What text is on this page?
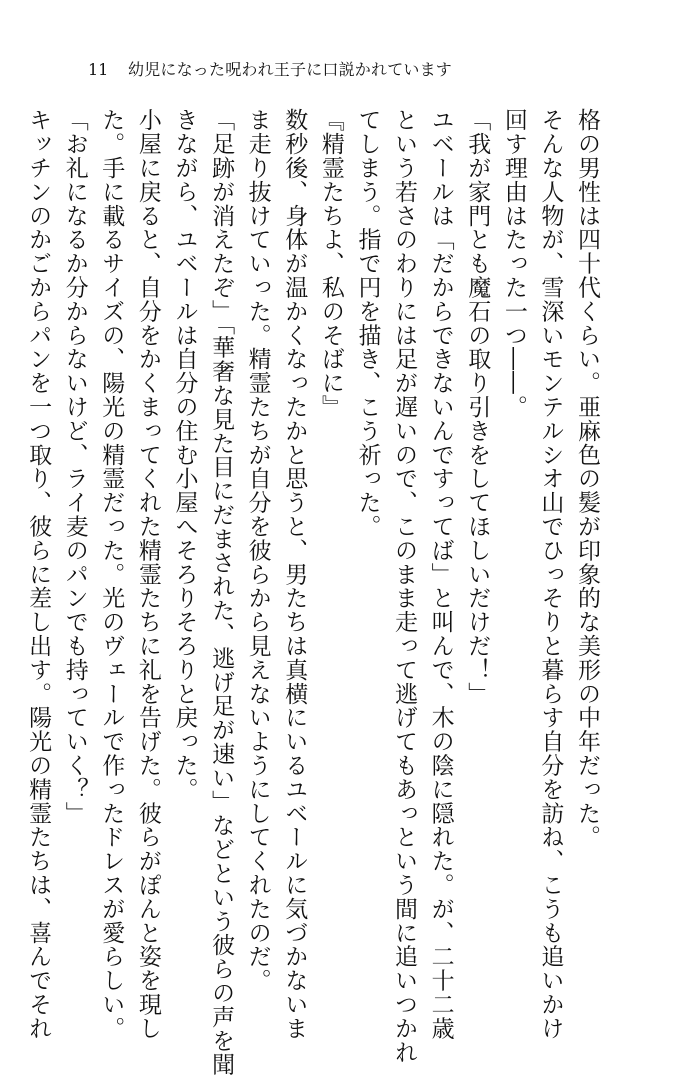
11 幼児になった呪われ王子に口説かれています
格の男性は四十代くらい。亜麻色の髪が印象的な美形の中年だった。
そんな人物が、雪深いモンテルシオ山でひっそりと暮らす自分を訪ね、こうも追いかけ
回す理由はたった一つ――。
「我が家門とも魔石の取り引きをしてほしいだけだ！」
ユベールは「だからできないんですってば」と叫んで、木の陰に隠れた。が、二十二歳
という若さのわりには足が遅いので、このまま走って逃げてもあっという間に追いつかれ
てしまう。指で円を描き、こう祈った。
『精霊たちよ、私のそばに』
数秒後、身体が温かくなったかと思うと、男たちは真横にいるユベールに気づかないま
ま走り抜けていった。精霊たちが自分を彼らから見えないようにしてくれたのだ。
「足跡が消えたぞ」「華奢な見た目にだまされた、逃げ足が速い」などという彼らの声を聞
きながら、ユベールは自分の住む小屋へそろりそろりと戻った。
小屋に戻ると、自分をかくまってくれた精霊たちに礼を告げた。彼らがぽんと姿を現し
た。手に載るサイズの、陽光の精霊だった。光のヴェールで作ったドレスが愛らしい。
「お礼になるか分からないけど、ライ麦のパンでも持っていく？」
キッチンのかごからパンを一つ取り、彼らに差し出す。陽光の精霊たちは、喜んでそれ
